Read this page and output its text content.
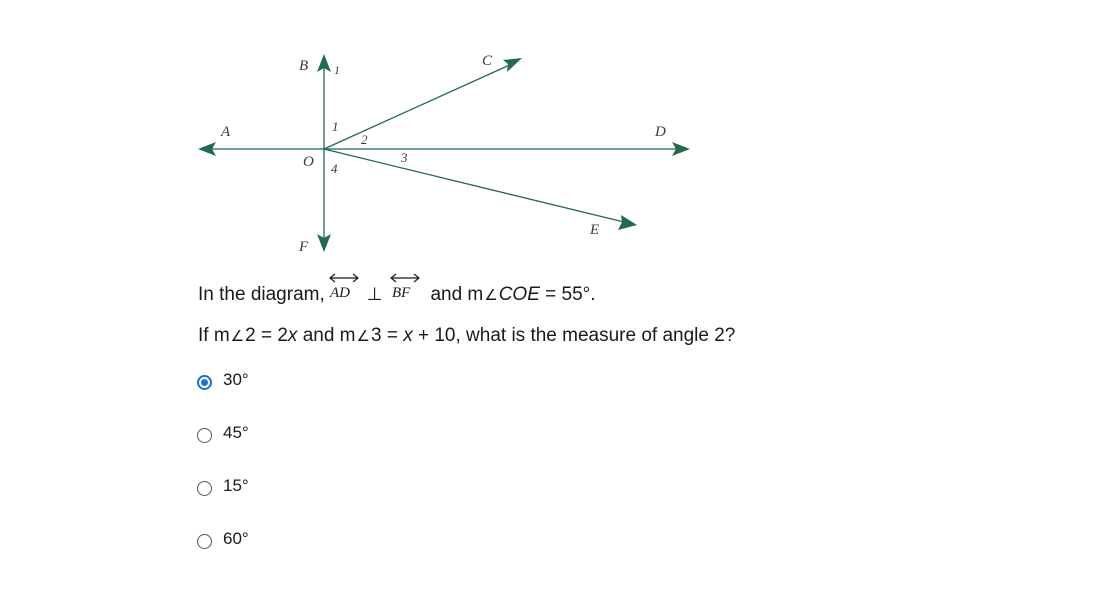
B 1
C
A	D
O
1
2
3
4
E
F
In the diagram, AD ⊥ BF and m ∠ COE = 55°.
If m∠2 = 2x and m∠3 = x + 10, what is the measure of angle 2?
30°
45°
15°
60°
